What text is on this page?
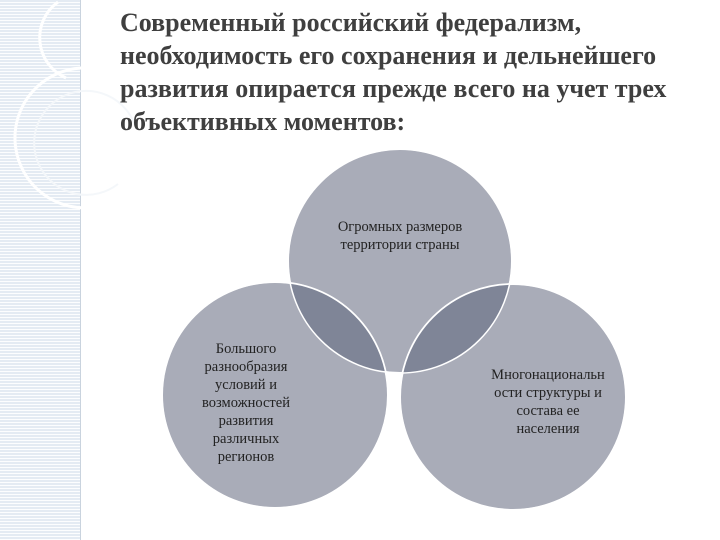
Современный российский федерализм, необходимость его сохранения и дельнейшего развития опирается прежде всего на учет трех объективных моментов:
Огромных размеров
территории страны
Большого
разнообразия
условий и
возможностей
развития
различных
регионов
Многонациональн
ости структуры и
состава ее
населения
